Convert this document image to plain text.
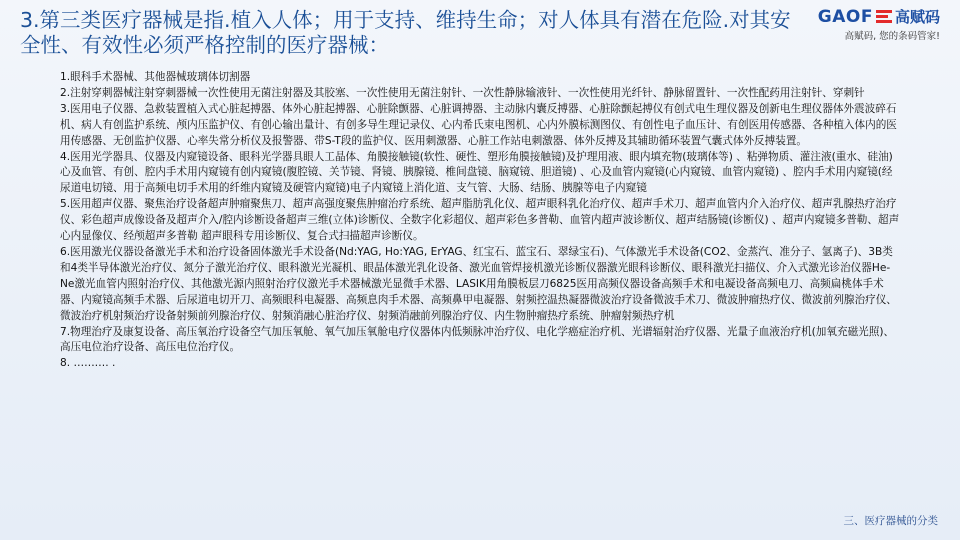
3.第三类医疗器械是指.植入人体；用于支持、维持生命；对人体具有潜在危险.对其安全性、有效性必须严格控制的医疗器械：
GAOF 高赋码
高赋码, 您的条码管家!

1.眼科手术器械、其他器械玻璃体切割器

2.注射穿刺器械注射穿刺器械一次性使用无菌注射器及其胶塞、一次性使用无菌注射针、一次性静脉输液针、一次性使用光纤针、静脉留置针、一次性配药用注射针、穿刺针

3.医用电子仪器、急救装置植入式心脏起搏器、体外心脏起搏器、心脏除颤器、心脏调搏器、主动脉内囊反搏器、心脏除颤起搏仪有创式电生理仪器及创新电生理仪器体外震波碎石机、病人有创监护系统、颅内压监护仪、有创心输出量计、有创多导生理记录仪、心内希氏束电图机、心内外膜标测图仪、有创性电子血压计、有创医用传感器、各种植入体内的医用传感器、无创监护仪器、心率失常分析仪及报警器、带S-T段的监护仪、医用刺激器、心脏工作站电刺激器、体外反搏及其辅助循环装置气囊式体外反搏装置。

4.医用光学器具、仪器及内窥镜设备、眼科光学器具眼人工晶体、角膜接触镜(软性、硬性、塑形角膜接触镜)及护理用液、眼内填充物(玻璃体等) 、粘弹物质、灌注液(重水、硅油)心及血管、有创、腔内手术用内窥镜有创内窥镜(腹腔镜、关节镜、肾镜、胰腺镜、椎间盘镜、脑窥镜、胆道镜) 、心及血管内窥镜(心内窥镜、血管内窥镜) 、腔内手术用内窥镜(经尿道电切镜、用于高频电切手术用的纤维内窥镜及硬管内窥镜)电子内窥镜上消化道、支气管、大肠、结肠、胰腺等电子内窥镜

5.医用超声仪器、聚焦治疗设备超声肿瘤聚焦刀、超声高强度聚焦肿瘤治疗系统、超声脂肪乳化仪、超声眼科乳化治疗仪、超声手术刀、超声血管内介入治疗仪、超声乳腺热疗治疗仪、彩色超声成像设备及超声介入/腔内诊断设备超声三维(立体)诊断仪、全数字化彩超仪、超声彩色多普勒、血管内超声波诊断仪、超声结肠镜(诊断仪) 、超声内窥镜多普勒、超声心内显像仪、经颅超声多普勒 超声眼科专用诊断仪、复合式扫描超声诊断仪。

6.医用激光仪器设备激光手术和治疗设备固体激光手术设备(Nd:YAG, Ho:YAG, ErYAG、红宝石、蓝宝石、翠绿宝石)、气体激光手术设备(CO2、金蒸汽、准分子、氩离子)、3B类和4类半导体激光治疗仪、氮分子激光治疗仪、眼科激光光凝机、眼晶体激光乳化设备、激光血管焊接机激光诊断仪器激光眼科诊断仪、眼科激光扫描仪、介入式激光诊治仪器He-Ne激光血管内照射治疗仪、其他激光源内照射治疗仪激光手术器械激光显微手术器、LASIK用角膜板层刀6825医用高频仪器设备高频手术和电凝设备高频电刀、高频扁桃体手术器、内窥镜高频手术器、后尿道电切开刀、高频眼科电凝器、高频息肉手术器、高频鼻甲电凝器、射频控温热凝器微波治疗设备微波手术刀、微波肿瘤热疗仪、微波前列腺治疗仪、微波治疗机射频治疗设备射频前列腺治疗仪、射频消融心脏治疗仪、射频消融前列腺治疗仪、内生物肿瘤热疗系统、肿瘤射频热疗机

7.物理治疗及康复设备、高压氧治疗设备空气加压氧舱、氧气加压氧舱电疗仪器体内低频脉冲治疗仪、电化学癌症治疗机、光谱辐射治疗仪器、光量子血液治疗机(加氧充磁光照)、高压电位治疗设备、高压电位治疗仪。

8. ………. .

三、医疗器械的分类
